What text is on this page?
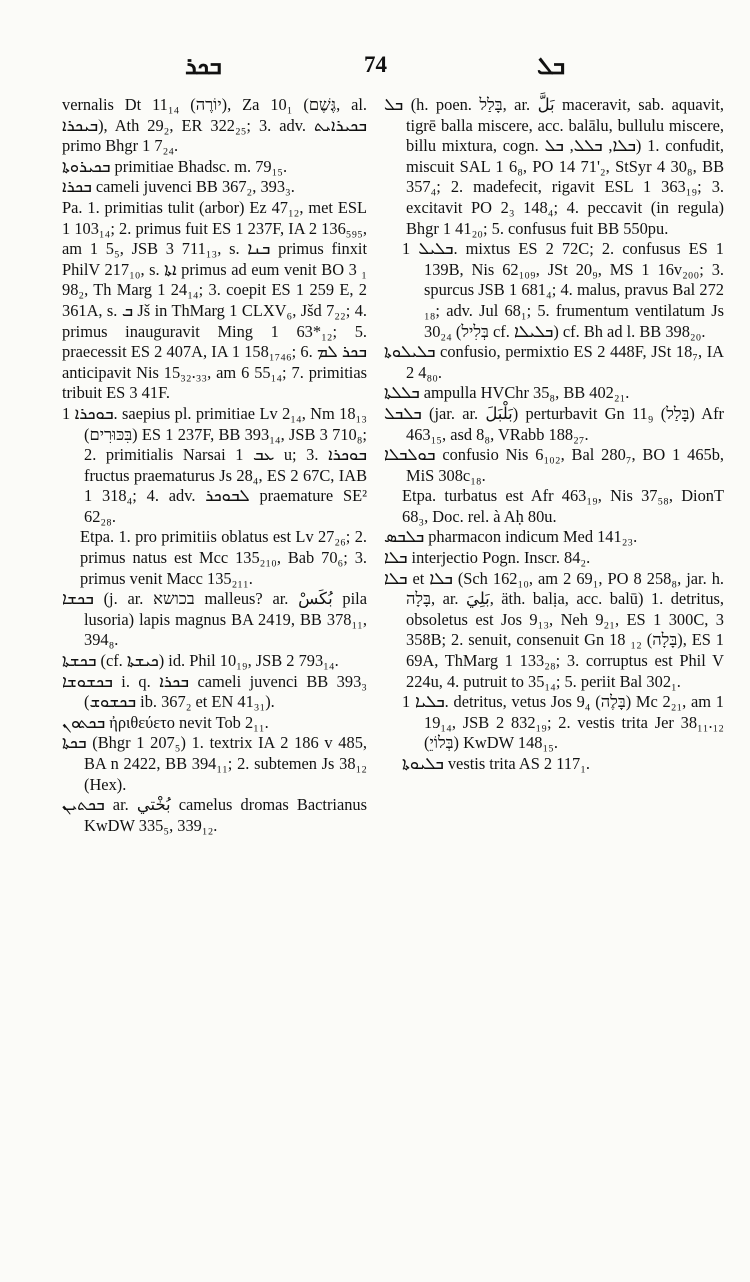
ܒܟܪ	74	ܒܠ

vernalis Dt 11₁₄ (יוֹרֶה), Za 10₁ (גֶּשֶׁם, al. ܒܝܟܪܐ), Ath 29₂, ER 322₂₅; 3. adv. ܒܟܝܪܐܝܬ primo Bhgr 1 7₂₄.

ܒܟܝܪܘܬܐ primitiae Bhadsc. m. 79₁₅.

ܒܟܪܐ cameli juvenci BB 367₂, 393₃.

Pa. 1. primitias tulit (arbor) Ez 47₁₂, met ESL 1 103₁₄; 2. primus fuit ES 1 237F, IA 2 136₅₉₅, am 1 5₅, JSB 3 711₁₃, s. ܒܢܐ primus finxit PhilV 217₁₀, s. ܐܬܐ primus ad eum venit BO 3 ₁ 98₂, Th Marg 1 24₁₄; 3. coepit ES 1 259 E, 2 361A, s. ܒ Jš in ThMarg 1 CLXV₆, Jšd 7₂₂; 4. primus inauguravit Ming 1 63*₁₂; 5. praecessit ES 2 407A, IA 1 158₁₇₄₆; 6. ܒܟܪ ܠܡ anticipavit Nis 15₃₂.₃₃, am 6 55₁₄; 7. primitias tribuit ES 3 41F.

ܒܘܟܪܐ 1. saepius pl. primitiae Lv 2₁₄, Nm 18₁₃ (בִּכּוּרִים) ES 1 237F, BB 393₁₄, JSB 3 710₈; 2. primitialis Narsai 1 ܥܒ u; 3. ܒܘܟܪܐ fructus praematurus Js 28₄, ES 2 67C, IAB 1 318₄; 4. adv. ܠܒܘܟܪ praemature SE² 62₂₈.

Etpa. 1. pro primitiis oblatus est Lv 27₂₆; 2. primus natus est Mcc 135₂₁₀, Bab 70₆; 3. primus venit Macc 135₂₁₁.

ܒܟܫܐ (j. ar. בכושא malleus? ar. بُكَسْ pila lusoria) lapis magnus BA 2419, BB 378₁₁, 394₈.

ܒܟܫܬܐ (cf. ܟܝܫܬܐ) id. Phil 10₁₉, JSB 2 793₁₄.

ܒܟܫܘܫܐ i. q. ܒܟܪܐ cameli juvenci BB 393₃ (ܒܟܫܘܫ ib. 367₂ et EN 41₃₁).

ܒܟܬܘܢ ἠριθεύετο nevit Tob 2₁₁.

ܒܟܬܐ (Bhgr 1 207₅) 1. textrix IA 2 186 v 485, BA n 2422, BB 394₁₁; 2. subtemen Js 38₁₂ (Hex).

ܒܟܬܝܢ ar. بُخْتي camelus dromas Bactrianus KwDW 335₅, 339₁₂.

ܒܠ (h. poen. בָּלַל, ar. بَلَّ maceravit, sab. aquavit, tigrē balla miscere, acc. balālu, bullulu miscere, billu mixtura, cogn. ܒܠܐ, ܒܠܠ, ܒܠ) 1. confudit, miscuit SAL 1 6₈, PO 14 71'₂, StSyr 4 30₈, BB 357₄; 2. madefecit, rigavit ESL 1 363₁₉; 3. excitavit PO 2₃ 148₄; 4. peccavit (in regula) Bhgr 1 41₂₀; 5. confusus fuit BB 550pu.

ܒܠܝܠ 1. mixtus ES 2 72C; 2. confusus ES 1 139B, Nis 62₁₀₉, JSt 20₉, MS 1 16v₂₀₀; 3. spurcus JSB 1 681₄; 4. malus, pravus Bal 272 ₁₈; adv. Jul 68₁; 5. frumentum ventilatum Js 30₂₄ (בְּלִיל cf. ܒܠܝܠܐ) cf. Bh ad l. BB 398₂₀.

ܒܠܝܠܘܬܐ confusio, permixtio ES 2 448F, JSt 18₇, IA 2 4₈₀.

ܒܠܠܬܐ ampulla HVChr 35₈, BB 402₂₁.

ܒܠܒܠ (jar. ar. بَلْبَلَ) perturbavit Gn 11₉ (בָּלַל) Afr 463₁₅, asd 8₈, VRabb 188₂₇.

ܒܘܠܒܠܐ confusio Nis 6₁₀₂, Bal 280₇, BO 1 465b, MiS 308c₁₈.

Etpa. turbatus est Afr 463₁₉, Nis 37₅₈, DionT 68₃, Doc. rel. à Aḥ 80u.

ܒܠܒܣ pharmacon indicum Med 141₂₃.

ܒܠܐ interjectio Pogn. Inscr. 84₂.

ܒܠܐ et ܒܠܐ (Sch 162₁₀, am 2 69₁, PO 8 258₈, jar. h. בָּלָה, ar. بَلِيَ, äth. balịa, acc. balū) 1. detritus, obsoletus est Jos 9₁₃, Neh 9₂₁, ES 1 300C, 3 358B; 2. senuit, consenuit Gn 18 ₁₂ (בָּלָה), ES 1 69A, ThMarg 1 133₂₈; 3. corruptus est Phil V 224u, 4. putruit to 35₁₄; 5. periit Bal 302₁.

ܒܠܝܐ 1. detritus, vetus Jos 9₄ (בָּלֶה) Mc 2₂₁, am 1 19₁₄, JSB 2 832₁₉; 2. vestis trita Jer 38₁₁.₁₂ (בְּלוֹיֵ) KwDW 148₁₅.

ܒܠܝܘܬܐ vestis trita AS 2 117₁.
